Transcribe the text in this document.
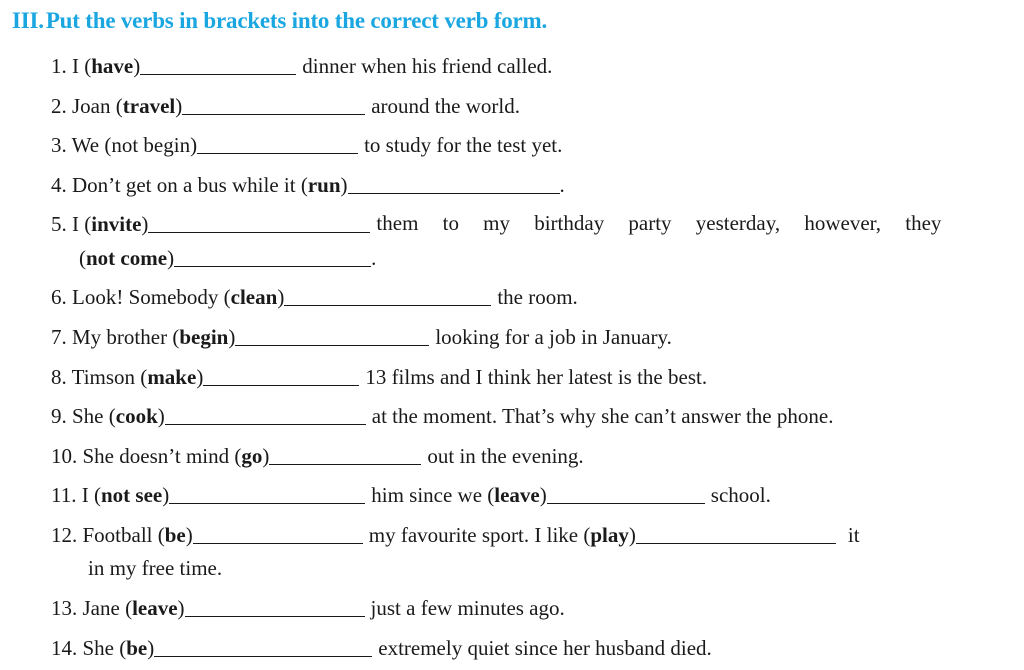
III.Put the verbs in brackets into the correct verb form.
1. I (have)	dinner when his friend called.
2. Joan (travel)	around the world.
3. We (not begin)	to study for the test yet.
4. Don’t get on a bus while it (run)	.
5. I (invite)	them to my birthday party yesterday, however, they
(not come)	.
6. Look! Somebody (clean)	the room.
7. My brother (begin)	looking for a job in January.
8. Timson (make)	13 films and I think her latest is the best.
9. She (cook)	at the moment. That’s why she can’t answer the phone.
10. She doesn’t mind (go)	out in the evening.
11. I (not see)	him since we (leave)	school.
12. Football (be)	my favourite sport. I like (play)	it
in my free time.
13. Jane (leave)	just a few minutes ago.
14. She (be)	extremely quiet since her husband died.
